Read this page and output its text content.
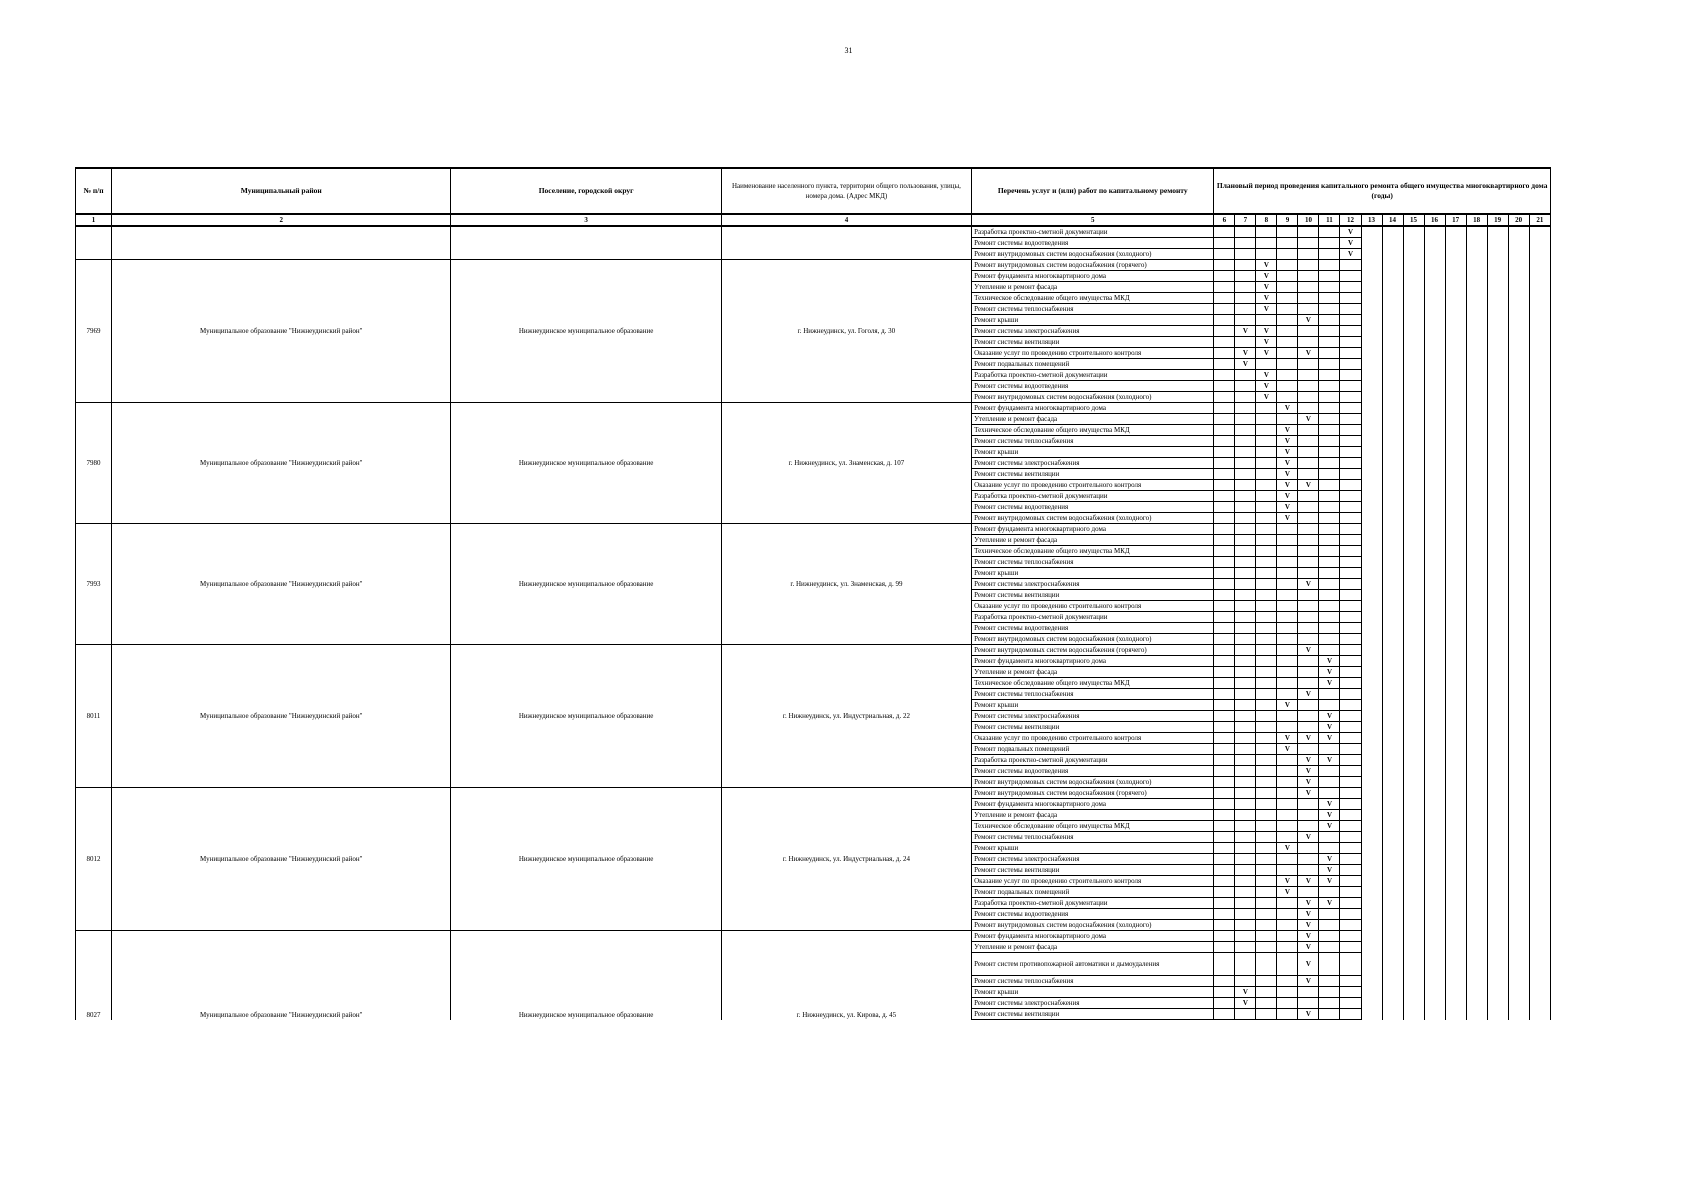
31
№ п/п	Муниципальный район	Поселение, городской округ	Наименование населенного пункта, территории общего пользования, улицы, номера дома. (Адрес МКД)	Перечень услуг и (или) работ по капитальному ремонту	Плановый период проведения капитального ремонта общего имущества многоквартирного дома (годы)															
1	2	3	4	5	6	7	8	9	10	11	12	13	14	15	16	17	18	19	20	21
				Разработка проектно-сметной документации							V									
				Ремонт системы водоотведения							V									
				Ремонт внутридомовых систем водоснабжения (холодного)							V									
7969	Муниципальное образование "Нижнеудинский район"	Нижнеудинское муниципальное образование	г. Нижнеудинск, ул. Гоголя, д. 30	Ремонт внутридомовых систем водоснабжения (горячего)			V													
				Ремонт фундамента многоквартирного дома			V													
				Утепление и ремонт фасада			V													
				Техническое обследование общего имущества МКД			V													
				Ремонт системы теплоснабжения			V													
				Ремонт крыши					V											
				Ремонт системы электроснабжения		V	V													
				Ремонт системы вентиляции			V													
				Оказание услуг по проведению строительного контроля		V	V		V											
				Ремонт подвальных помещений		V														
				Разработка проектно-сметной документации			V													
				Ремонт системы водоотведения			V													
				Ремонт внутридомовых систем водоснабжения (холодного)			V													
7980	Муниципальное образование "Нижнеудинский район"	Нижнеудинское муниципальное образование	г. Нижнеудинск, ул. Знаменская, д. 107	Ремонт фундамента многоквартирного дома				V												
				Утепление и ремонт фасада					V											
				Техническое обследование общего имущества МКД				V												
				Ремонт системы теплоснабжения				V												
				Ремонт крыши				V												
				Ремонт системы электроснабжения				V												
				Ремонт системы вентиляции				V												
				Оказание услуг по проведению строительного контроля				V	V											
				Разработка проектно-сметной документации				V												
				Ремонт системы водоотведения				V												
				Ремонт внутридомовых систем водоснабжения (холодного)				V												
7993	Муниципальное образование "Нижнеудинский район"	Нижнеудинское муниципальное образование	г. Нижнеудинск, ул. Знаменская, д. 99	Ремонт фундамента многоквартирного дома																
				Утепление и ремонт фасада																
				Техническое обследование общего имущества МКД																
				Ремонт системы теплоснабжения																
				Ремонт крыши																
				Ремонт системы электроснабжения					V											
				Ремонт системы вентиляции																
				Оказание услуг по проведению строительного контроля																
				Разработка проектно-сметной документации																
				Ремонт системы водоотведения																
				Ремонт внутридомовых систем водоснабжения (холодного)																
8011	Муниципальное образование "Нижнеудинский район"	Нижнеудинское муниципальное образование	г. Нижнеудинск, ул. Индустриальная, д. 22	Ремонт внутридомовых систем водоснабжения (горячего)					V											
				Ремонт фундамента многоквартирного дома						V										
				Утепление и ремонт фасада						V										
				Техническое обследование общего имущества МКД						V										
				Ремонт системы теплоснабжения					V											
				Ремонт крыши				V												
				Ремонт системы электроснабжения						V										
				Ремонт системы вентиляции						V										
				Оказание услуг по проведению строительного контроля				V	V	V										
				Ремонт подвальных помещений				V												
				Разработка проектно-сметной документации					V	V										
				Ремонт системы водоотведения					V											
				Ремонт внутридомовых систем водоснабжения (холодного)					V											
8012	Муниципальное образование "Нижнеудинский район"	Нижнеудинское муниципальное образование	г. Нижнеудинск, ул. Индустриальная, д. 24	Ремонт внутридомовых систем водоснабжения (горячего)					V											
				Ремонт фундамента многоквартирного дома						V										
				Утепление и ремонт фасада						V										
				Техническое обследование общего имущества МКД						V										
				Ремонт системы теплоснабжения					V											
				Ремонт крыши				V												
				Ремонт системы электроснабжения						V										
				Ремонт системы вентиляции						V										
				Оказание услуг по проведению строительного контроля				V	V	V										
				Ремонт подвальных помещений				V												
				Разработка проектно-сметной документации					V	V										
				Ремонт системы водоотведения					V											
				Ремонт внутридомовых систем водоснабжения (холодного)					V											
8027	Муниципальное образование "Нижнеудинский район"	Нижнеудинское муниципальное образование	г. Нижнеудинск, ул. Кирова, д. 45	Ремонт фундамента многоквартирного дома					V											
				Утепление и ремонт фасада					V											
				Ремонт систем противопожарной автоматики и дымоудаления					V											
				Ремонт системы теплоснабжения					V											
				Ремонт крыши		V														
				Ремонт системы электроснабжения		V														
				Ремонт системы вентиляции					V											
